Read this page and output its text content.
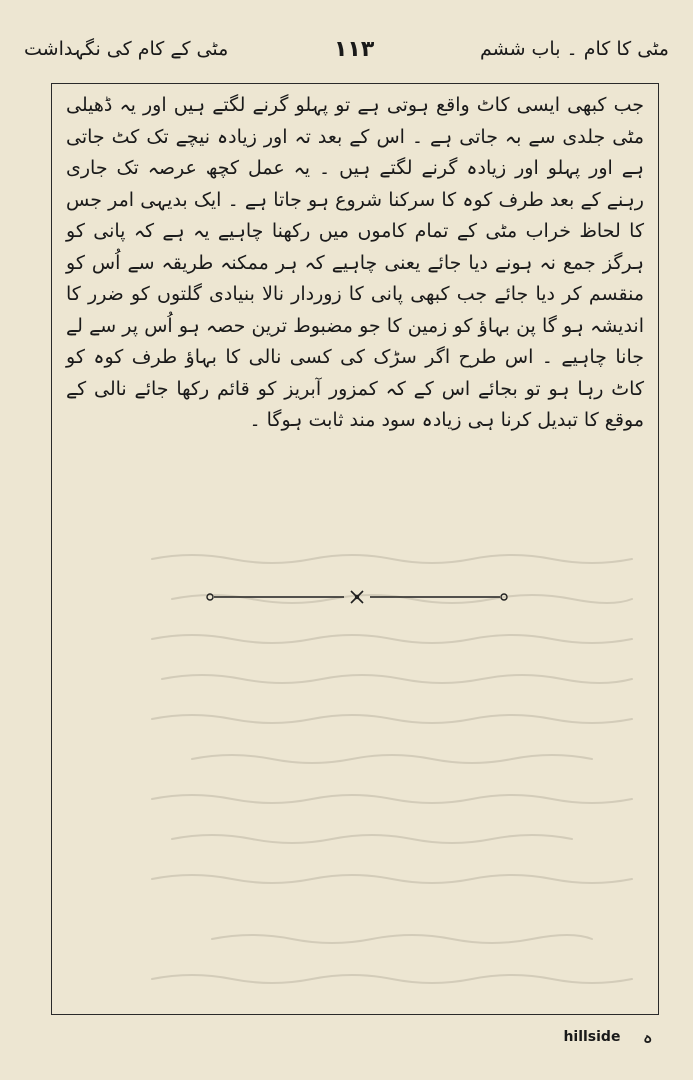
مٹی کے کام کی نگہداشت	۱۱۳	مٹی کا کام ۔ باب ششم

جب کبھی ایسی کاٹ واقع ہوتی ہے تو پہلو گرنے لگتے ہیں اور یہ ڈھیلی مٹی جلدی سے بہ جاتی ہے ۔ اس کے بعد تہ اور زیادہ نیچے تک کٹ جاتی ہے اور پہلو اور زیادہ گرنے لگتے ہیں ۔ یہ عمل کچھ عرصہ تک جاری رہنے کے بعد طرف کوہ کا سرکنا شروع ہو جاتا ہے ۔ ایک بدیہی امر جس کا لحاظ خراب مٹی کے تمام کاموں میں رکھنا چاہیے یہ ہے کہ پانی کو ہرگز جمع نہ ہونے دیا جائے یعنی چاہیے کہ ہر ممکنہ طریقہ سے اُس کو منقسم کر دیا جائے جب کبھی پانی کا زوردار نالا بنیادی گلتوں کو ضرر کا اندیشہ ہو گا پن بہاؤ کو زمین کا جو مضبوط ترین حصہ ہو اُس پر سے لے جانا چاہیے ۔ اس طرح اگر سڑک کی کسی نالی کا بہاؤ طرف کوہ کو کاٹ رہا ہو تو بجائے اس کے کہ کمزور آبریز کو قائم رکھا جائے نالی کے موقع کا تبدیل کرنا ہی زیادہ سود مند ثابت ہوگا ۔

hillside ہ
